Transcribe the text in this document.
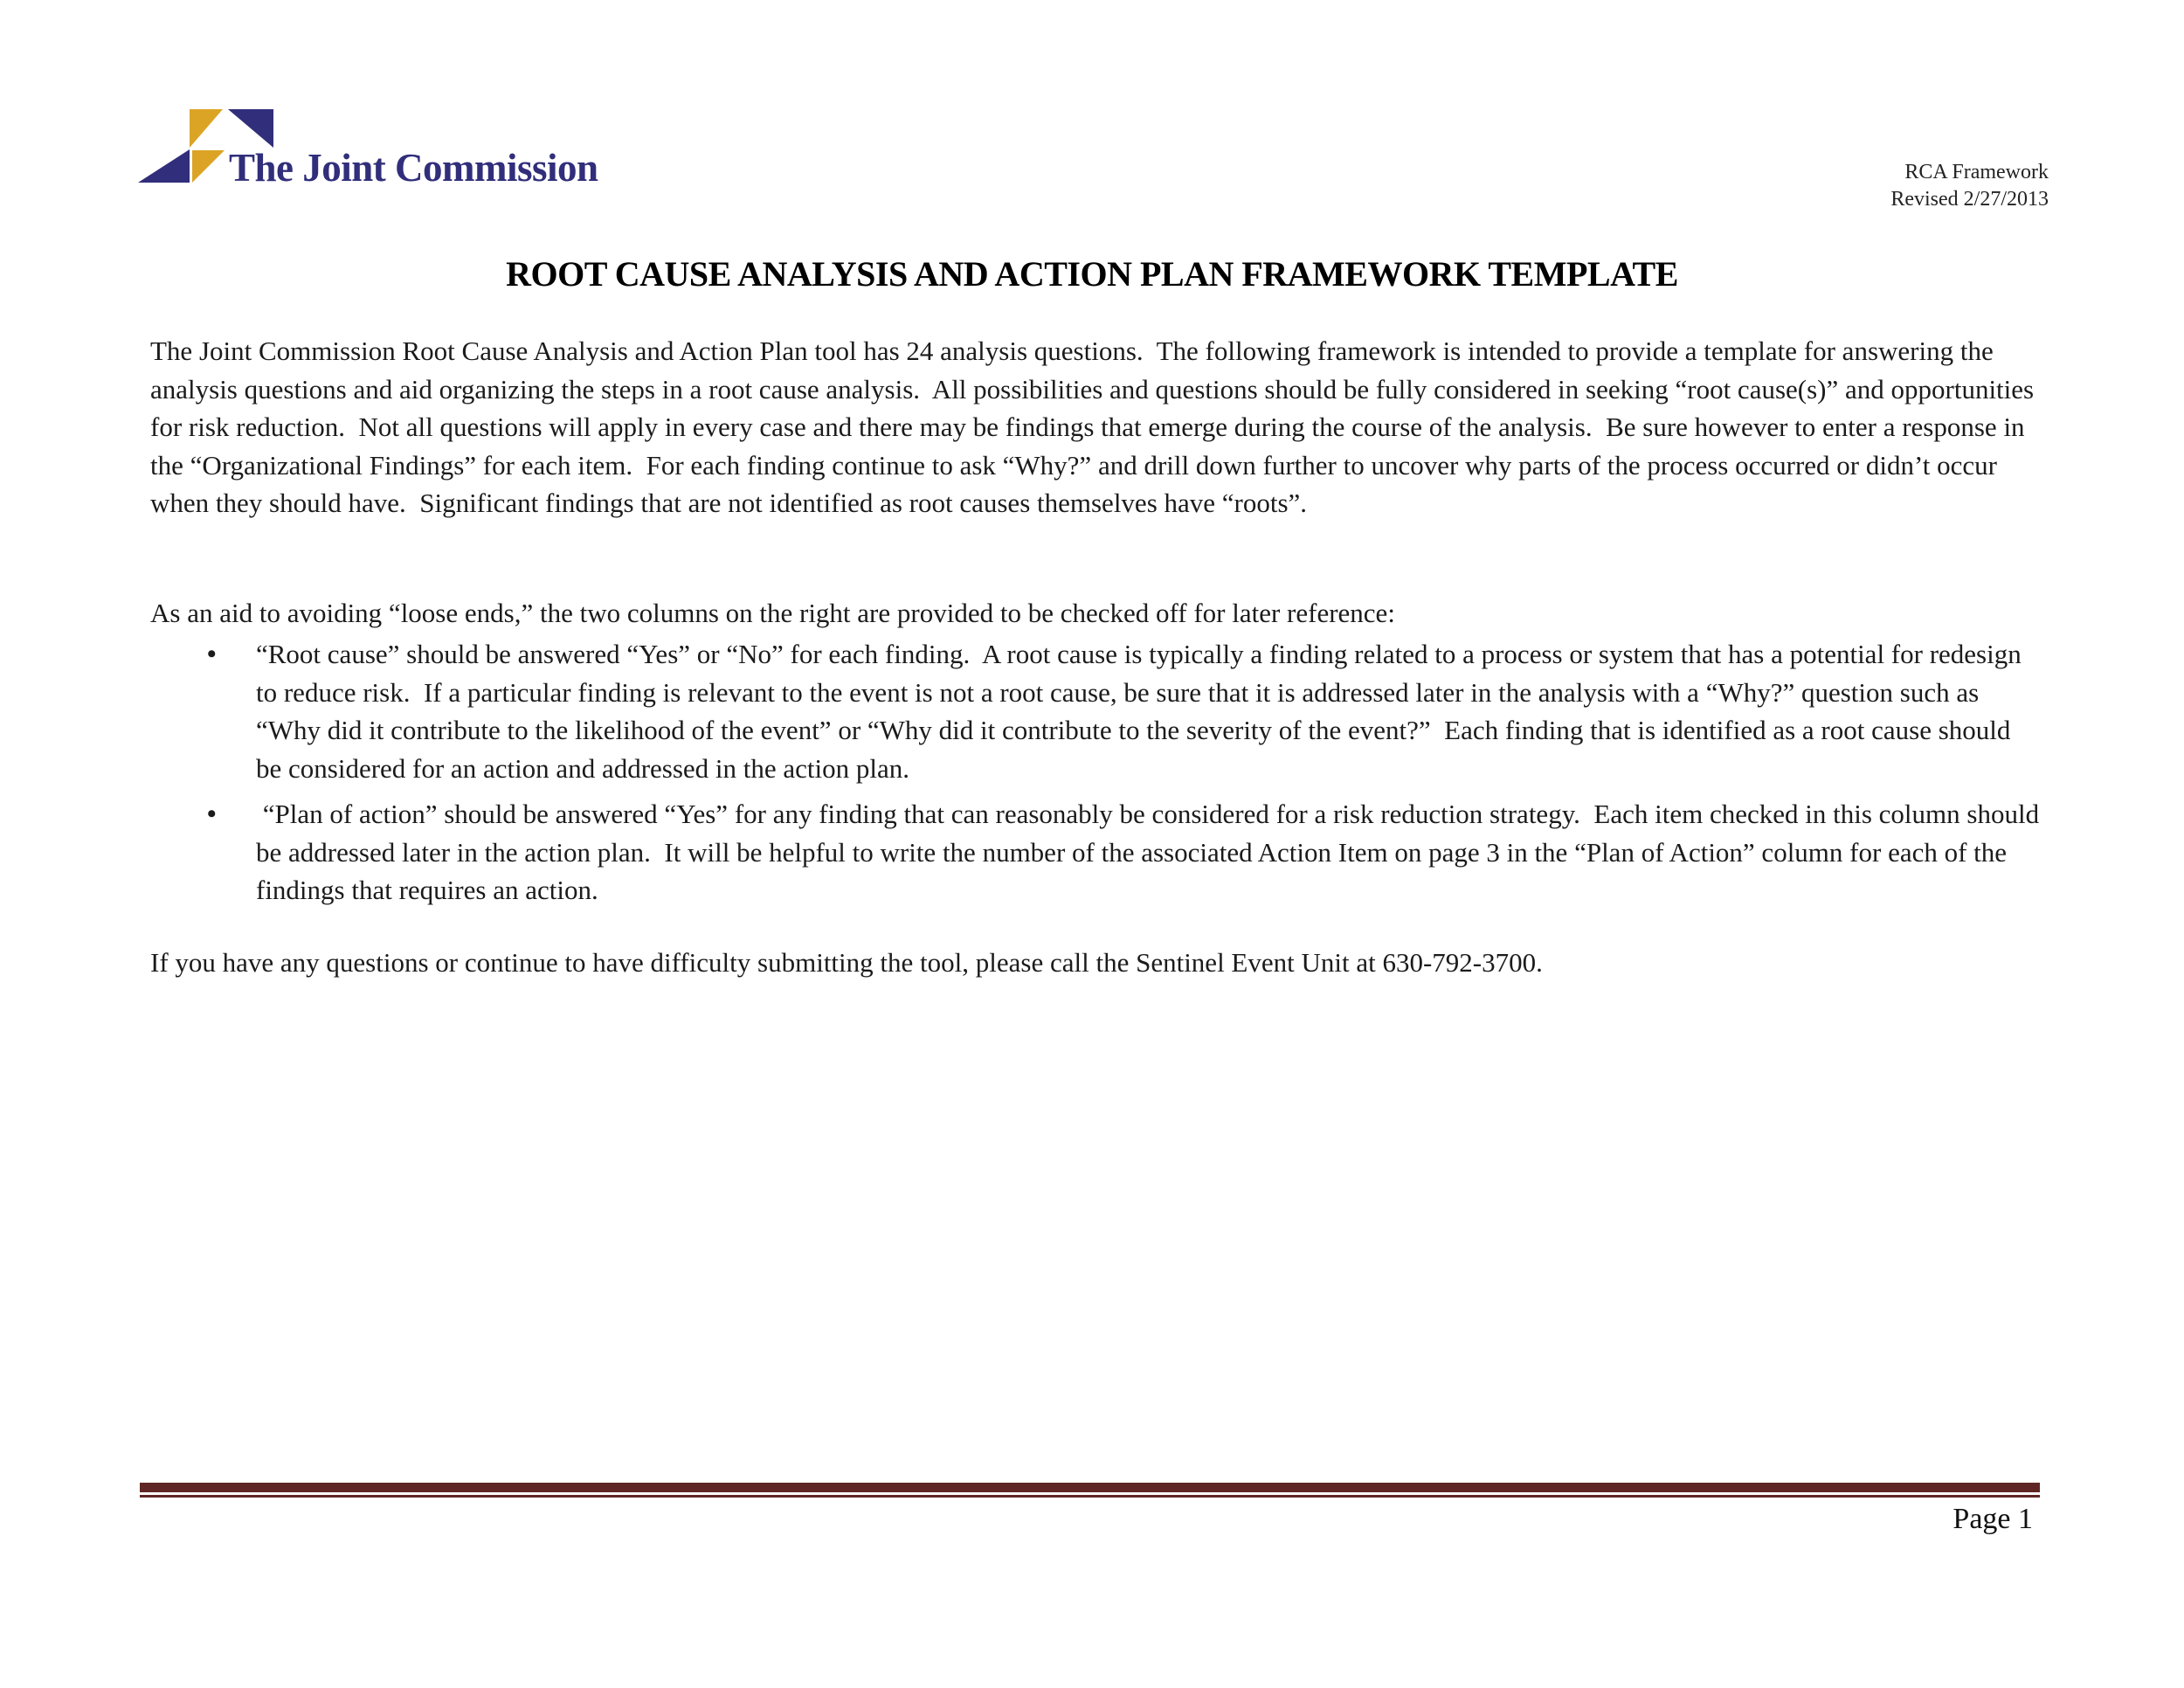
The Joint Commission	RCA Framework
Revised 2/27/2013
ROOT CAUSE ANALYSIS AND ACTION PLAN FRAMEWORK TEMPLATE
The Joint Commission Root Cause Analysis and Action Plan tool has 24 analysis questions.  The following framework is intended to provide a template for answering the analysis questions and aid organizing the steps in a root cause analysis.  All possibilities and questions should be fully considered in seeking “root cause(s)” and opportunities for risk reduction.  Not all questions will apply in every case and there may be findings that emerge during the course of the analysis.  Be sure however to enter a response in the “Organizational Findings” for each item.  For each finding continue to ask “Why?” and drill down further to uncover why parts of the process occurred or didn’t occur when they should have.  Significant findings that are not identified as root causes themselves have “roots”.
As an aid to avoiding “loose ends,” the two columns on the right are provided to be checked off for later reference:
•	“Root cause” should be answered “Yes” or “No” for each finding.  A root cause is typically a finding related to a process or system that has a potential for redesign to reduce risk.  If a particular finding is relevant to the event is not a root cause, be sure that it is addressed later in the analysis with a “Why?” question such as “Why did it contribute to the likelihood of the event” or “Why did it contribute to the severity of the event?”  Each finding that is identified as a root cause should be considered for an action and addressed in the action plan.
•	“Plan of action” should be answered “Yes” for any finding that can reasonably be considered for a risk reduction strategy.  Each item checked in this column should be addressed later in the action plan.  It will be helpful to write the number of the associated Action Item on page 3 in the “Plan of Action” column for each of the findings that requires an action.
If you have any questions or continue to have difficulty submitting the tool, please call the Sentinel Event Unit at 630-792-3700.
Page 1
